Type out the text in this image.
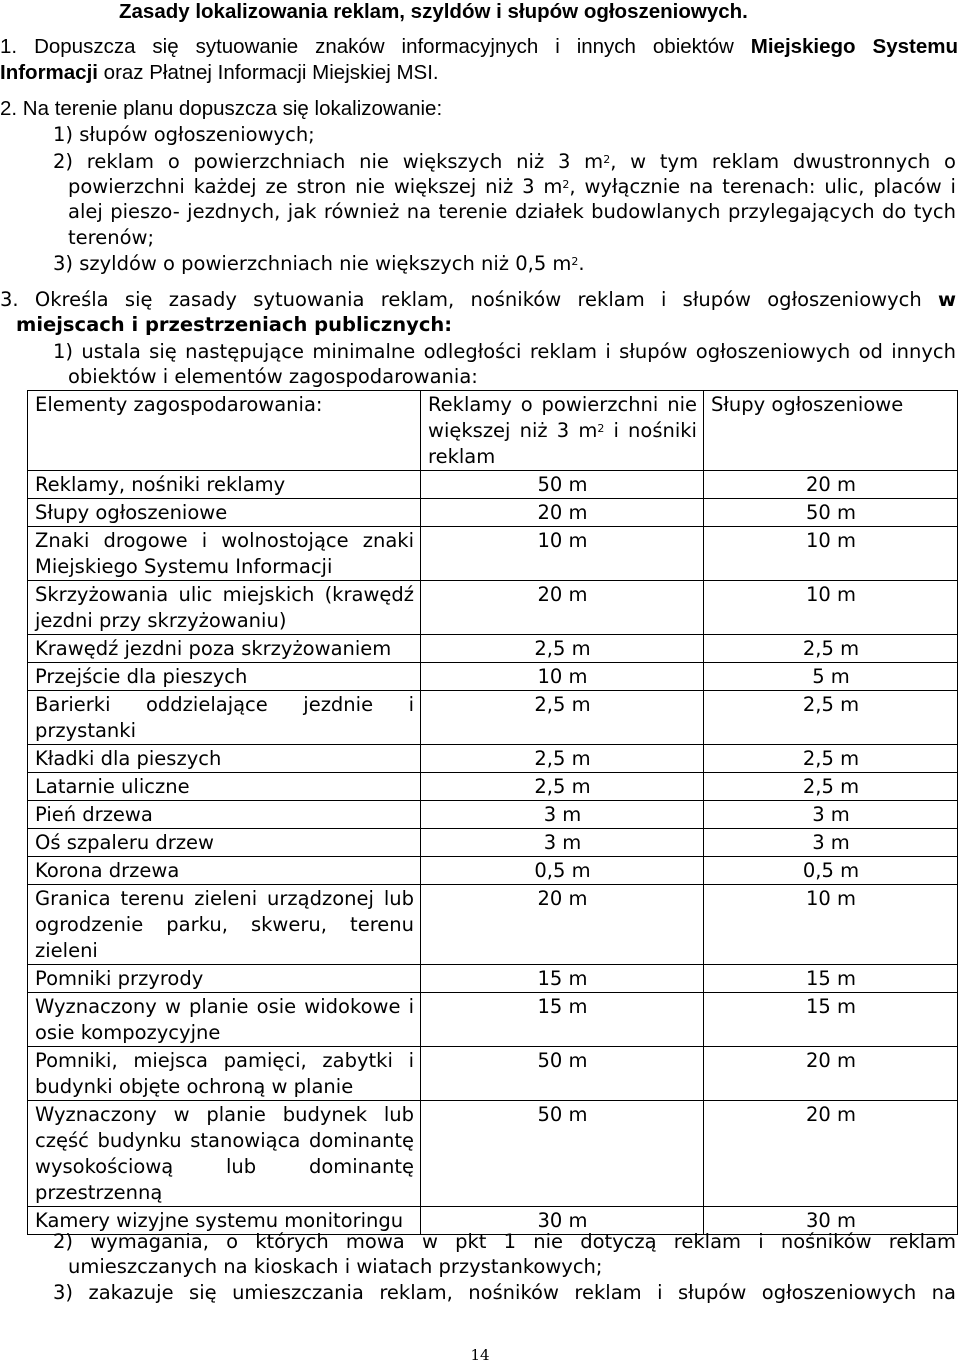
Zasady lokalizowania reklam, szyldów i słupów ogłoszeniowych.
1. Dopuszcza się sytuowanie znaków informacyjnych i innych obiektów Miejskiego Systemu
Informacji oraz Płatnej Informacji Miejskiej MSI.
2. Na terenie planu dopuszcza się lokalizowanie:
1) słupów ogłoszeniowych;
2) reklam o powierzchniach nie większych niż 3 $m^2$, w tym reklam dwustronnych o
powierzchni każdej ze stron nie większej niż 3 $m^2$, wyłącznie na terenach: ulic, placów i
alej pieszo- jezdnych, jak również na terenie działek budowlanych przylegających do tych
terenów;
3) szyldów o powierzchniach nie większych niż 0,5 $m^2$.
3. Określa się zasady sytuowania reklam, nośników reklam i słupów ogłoszeniowych w
miejscach i przestrzeniach publicznych:
1) ustala się następujące minimalne odległości reklam i słupów ogłoszeniowych od innych
obiektów i elementów zagospodarowania:
Elementy zagospodarowania:	Reklamy o powierzchni nie większej niż 3 $m^2$ i nośniki reklam	Słupy ogłoszeniowe
Reklamy, nośniki reklamy	50 m	20 m
Słupy ogłoszeniowe	20 m	50 m
Znaki drogowe i wolnostojące znaki Miejskiego Systemu Informacji	10 m	10 m
Skrzyżowania ulic miejskich (krawędź jezdni przy skrzyżowaniu)	20 m	10 m
Krawędź jezdni poza skrzyżowaniem	2,5 m	2,5 m
Przejście dla pieszych	10 m	5 m
Barierki oddzielające jezdnie i przystanki	2,5 m	2,5 m
Kładki dla pieszych	2,5 m	2,5 m
Latarnie uliczne	2,5 m	2,5 m
Pień drzewa	3 m	3 m
Oś szpaleru drzew	3 m	3 m
Korona drzewa	0,5 m	0,5 m
Granica terenu zieleni urządzonej lub ogrodzenie parku, skweru, terenu zieleni	20 m	10 m
Pomniki przyrody	15 m	15 m
Wyznaczony w planie osie widokowe i osie kompozycyjne	15 m	15 m
Pomniki, miejsca pamięci, zabytki i budynki objęte ochroną w planie	50 m	20 m
Wyznaczony w planie budynek lub część budynku stanowiąca dominantę wysokościową lub dominantę przestrzenną	50 m	20 m
Kamery wizyjne systemu monitoringu	30 m	30 m
2) wymagania, o których mowa w pkt 1 nie dotyczą reklam i nośników reklam
umieszczanych na kioskach i wiatach przystankowych;
3) zakazuje się umieszczania reklam, nośników reklam i słupów ogłoszeniowych na
14
